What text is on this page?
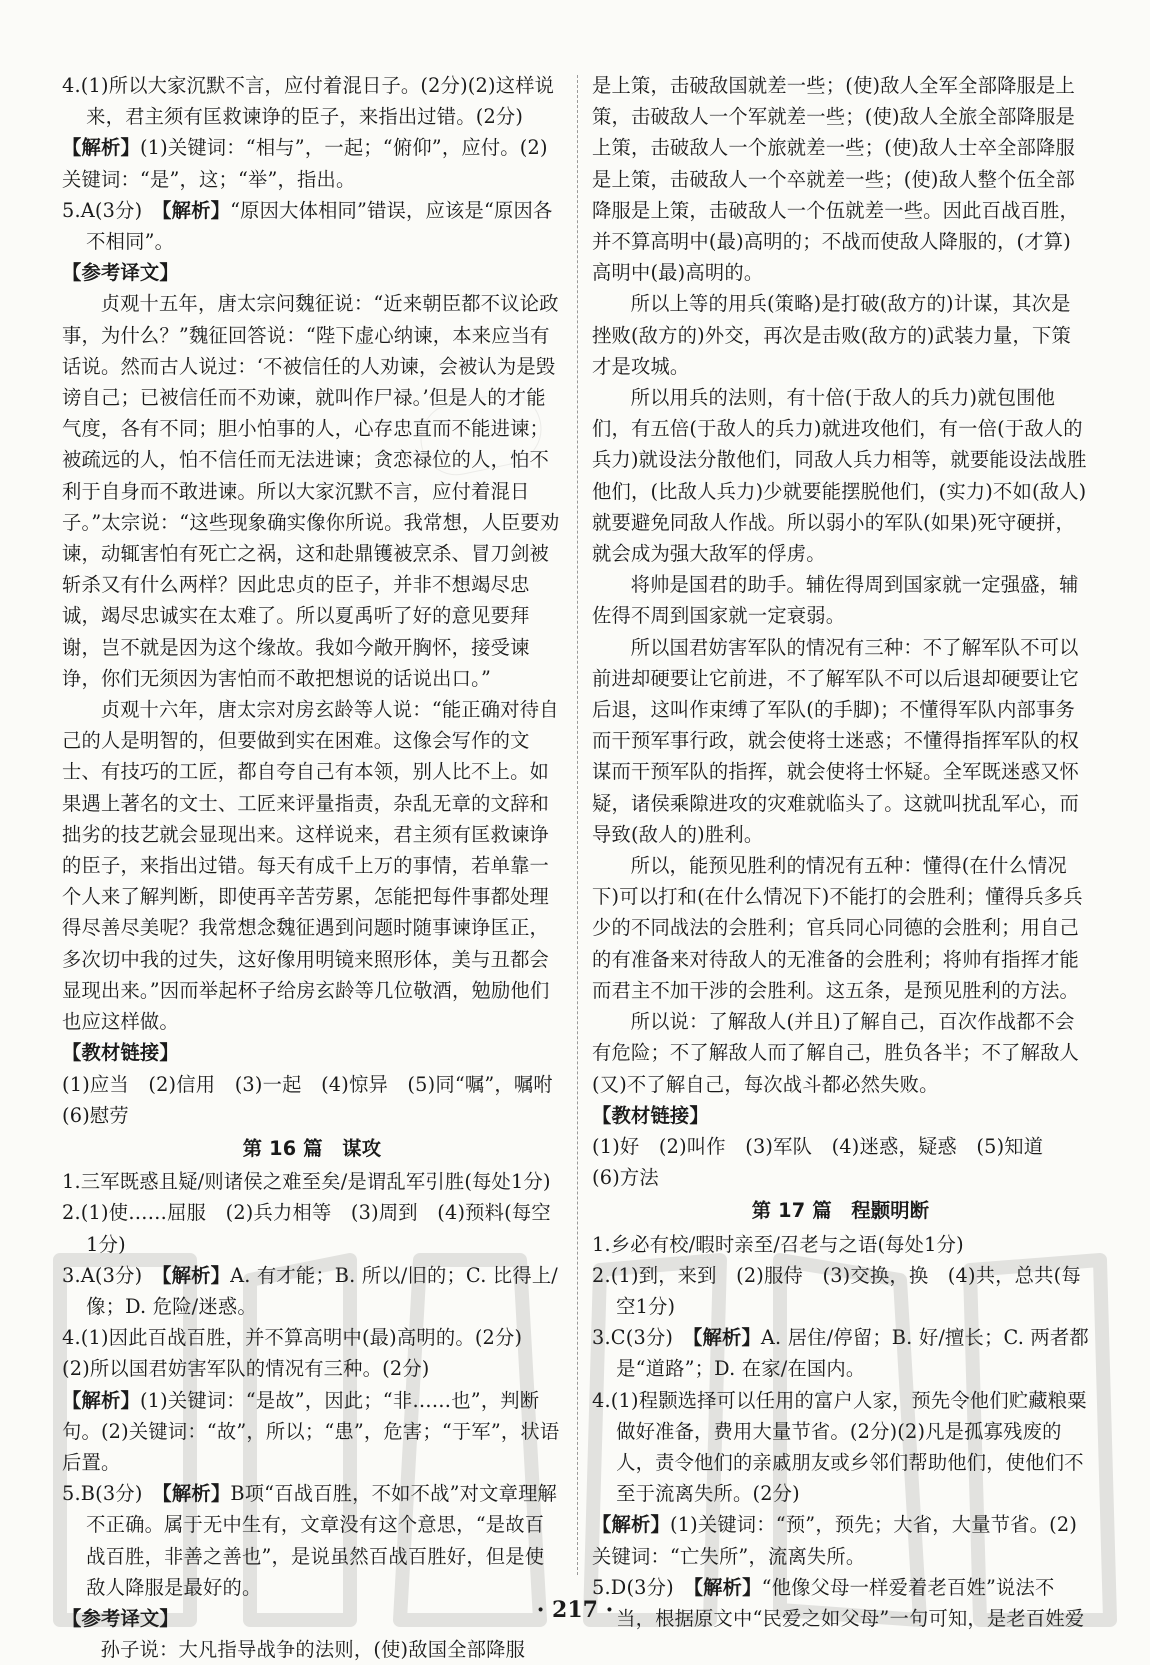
4.(1)所以大家沉默不言，应付着混日子。(2分)(2)这样说来，君主须有匡救谏诤的臣子，来指出过错。(2分)

【解析】(1)关键词：“相与”，一起；“俯仰”，应付。(2)关键词：“是”，这；“举”，指出。

5.A(3分)　 【解析】“原因大体相同”错误，应该是“原因各不相同”。

【参考译文】

贞观十五年，唐太宗问魏征说：“近来朝臣都不议论政事，为什么？”魏征回答说：“陛下虚心纳谏，本来应当有话说。然而古人说过：‘不被信任的人劝谏，会被认为是毁谤自己；已被信任而不劝谏，就叫作尸禄。’但是人的才能气度，各有不同；胆小怕事的人，心存忠直而不能进谏；被疏远的人，怕不信任而无法进谏；贪恋禄位的人，怕不利于自身而不敢进谏。所以大家沉默不言，应付着混日子。”太宗说：“这些现象确实像你所说。我常想，人臣要劝谏，动辄害怕有死亡之祸，这和赴鼎镬被烹杀、冒刀剑被斩杀又有什么两样？因此忠贞的臣子，并非不想竭尽忠诚，竭尽忠诚实在太难了。所以夏禹听了好的意见要拜谢，岂不就是因为这个缘故。我如今敞开胸怀，接受谏诤，你们无须因为害怕而不敢把想说的话说出口。”

贞观十六年，唐太宗对房玄龄等人说：“能正确对待自己的人是明智的，但要做到实在困难。这像会写作的文士、有技巧的工匠，都自夸自己有本领，别人比不上。如果遇上著名的文士、工匠来评量指责，杂乱无章的文辞和拙劣的技艺就会显现出来。这样说来，君主须有匡救谏诤的臣子，来指出过错。每天有成千上万的事情，若单靠一个人来了解判断，即使再辛苦劳累，怎能把每件事都处理得尽善尽美呢？我常想念魏征遇到问题时随事谏诤匡正，多次切中我的过失，这好像用明镜来照形体，美与丑都会显现出来。”因而举起杯子给房玄龄等几位敬酒，勉励他们也应这样做。

【教材链接】

(1)应当　(2)信用　(3)一起　(4)惊异　(5)同“嘱”，嘱咐　(6)慰劳

第 16 篇　谋攻

1.三军既惑且疑/则诸侯之难至矣/是谓乱军引胜(每处1分)

2.(1)使……屈服　(2)兵力相等　(3)周到　(4)预料(每空1分)

3.A(3分)　 【解析】A. 有才能；B. 所以/旧的；C. 比得上/像；D. 危险/迷惑。

4.(1)因此百战百胜，并不算高明中(最)高明的。(2分)

(2)所以国君妨害军队的情况有三种。(2分)

【解析】(1)关键词：“是故”，因此；“非……也”，判断句。(2)关键词：“故”，所以；“患”，危害；“于军”，状语后置。

5.B(3分)　 【解析】B项“百战百胜，不如不战”对文章理解不正确。属于无中生有，文章没有这个意思，“是故百战百胜，非善之善也”，是说虽然百战百胜好，但是使敌人降服是最好的。

【参考译文】

孙子说：大凡指导战争的法则，(使)敌国全部降服

是上策，击破敌国就差一些；(使)敌人全军全部降服是上策，击破敌人一个军就差一些；(使)敌人全旅全部降服是上策，击破敌人一个旅就差一些；(使)敌人士卒全部降服是上策，击破敌人一个卒就差一些；(使)敌人整个伍全部降服是上策，击破敌人一个伍就差一些。因此百战百胜，并不算高明中(最)高明的；不战而使敌人降服的，(才算)高明中(最)高明的。

所以上等的用兵(策略)是打破(敌方的)计谋，其次是挫败(敌方的)外交，再次是击败(敌方的)武装力量，下策才是攻城。

所以用兵的法则，有十倍(于敌人的兵力)就包围他们，有五倍(于敌人的兵力)就进攻他们，有一倍(于敌人的兵力)就设法分散他们，同敌人兵力相等，就要能设法战胜他们，(比敌人兵力)少就要能摆脱他们，(实力)不如(敌人)就要避免同敌人作战。所以弱小的军队(如果)死守硬拼，就会成为强大敌军的俘虏。

将帅是国君的助手。辅佐得周到国家就一定强盛，辅佐得不周到国家就一定衰弱。

所以国君妨害军队的情况有三种：不了解军队不可以前进却硬要让它前进，不了解军队不可以后退却硬要让它后退，这叫作束缚了军队(的手脚)；不懂得军队内部事务而干预军事行政，就会使将士迷惑；不懂得指挥军队的权谋而干预军队的指挥，就会使将士怀疑。全军既迷惑又怀疑，诸侯乘隙进攻的灾难就临头了。这就叫扰乱军心，而导致(敌人的)胜利。

所以，能预见胜利的情况有五种：懂得(在什么情况下)可以打和(在什么情况下)不能打的会胜利；懂得兵多兵少的不同战法的会胜利；官兵同心同德的会胜利；用自己的有准备来对待敌人的无准备的会胜利；将帅有指挥才能而君主不加干涉的会胜利。这五条，是预见胜利的方法。

所以说：了解敌人(并且)了解自己，百次作战都不会有危险；不了解敌人而了解自己，胜负各半；不了解敌人(又)不了解自己，每次战斗都必然失败。

【教材链接】

(1)好　(2)叫作　(3)军队　(4)迷惑，疑惑　(5)知道　(6)方法

第 17 篇　程颢明断

1.乡必有校/暇时亲至/召老与之语(每处1分)

2.(1)到，来到　(2)服侍　(3)交换，换　(4)共，总共(每空1分)

3.C(3分)　 【解析】A. 居住/停留；B. 好/擅长；C. 两者都是“道路”；D. 在家/在国内。

4.(1)程颢选择可以任用的富户人家，预先令他们贮藏粮粟做好准备，费用大量节省。(2分)(2)凡是孤寡残废的人，责令他们的亲戚朋友或乡邻们帮助他们，使他们不至于流离失所。(2分)

【解析】(1)关键词：“预”，预先；大省，大量节省。(2)关键词：“亡失所”，流离失所。

5.D(3分)　 【解析】“他像父母一样爱着老百姓”说法不当，根据原文中“民爱之如父母”一句可知，是老百姓爱

· 217 ·
